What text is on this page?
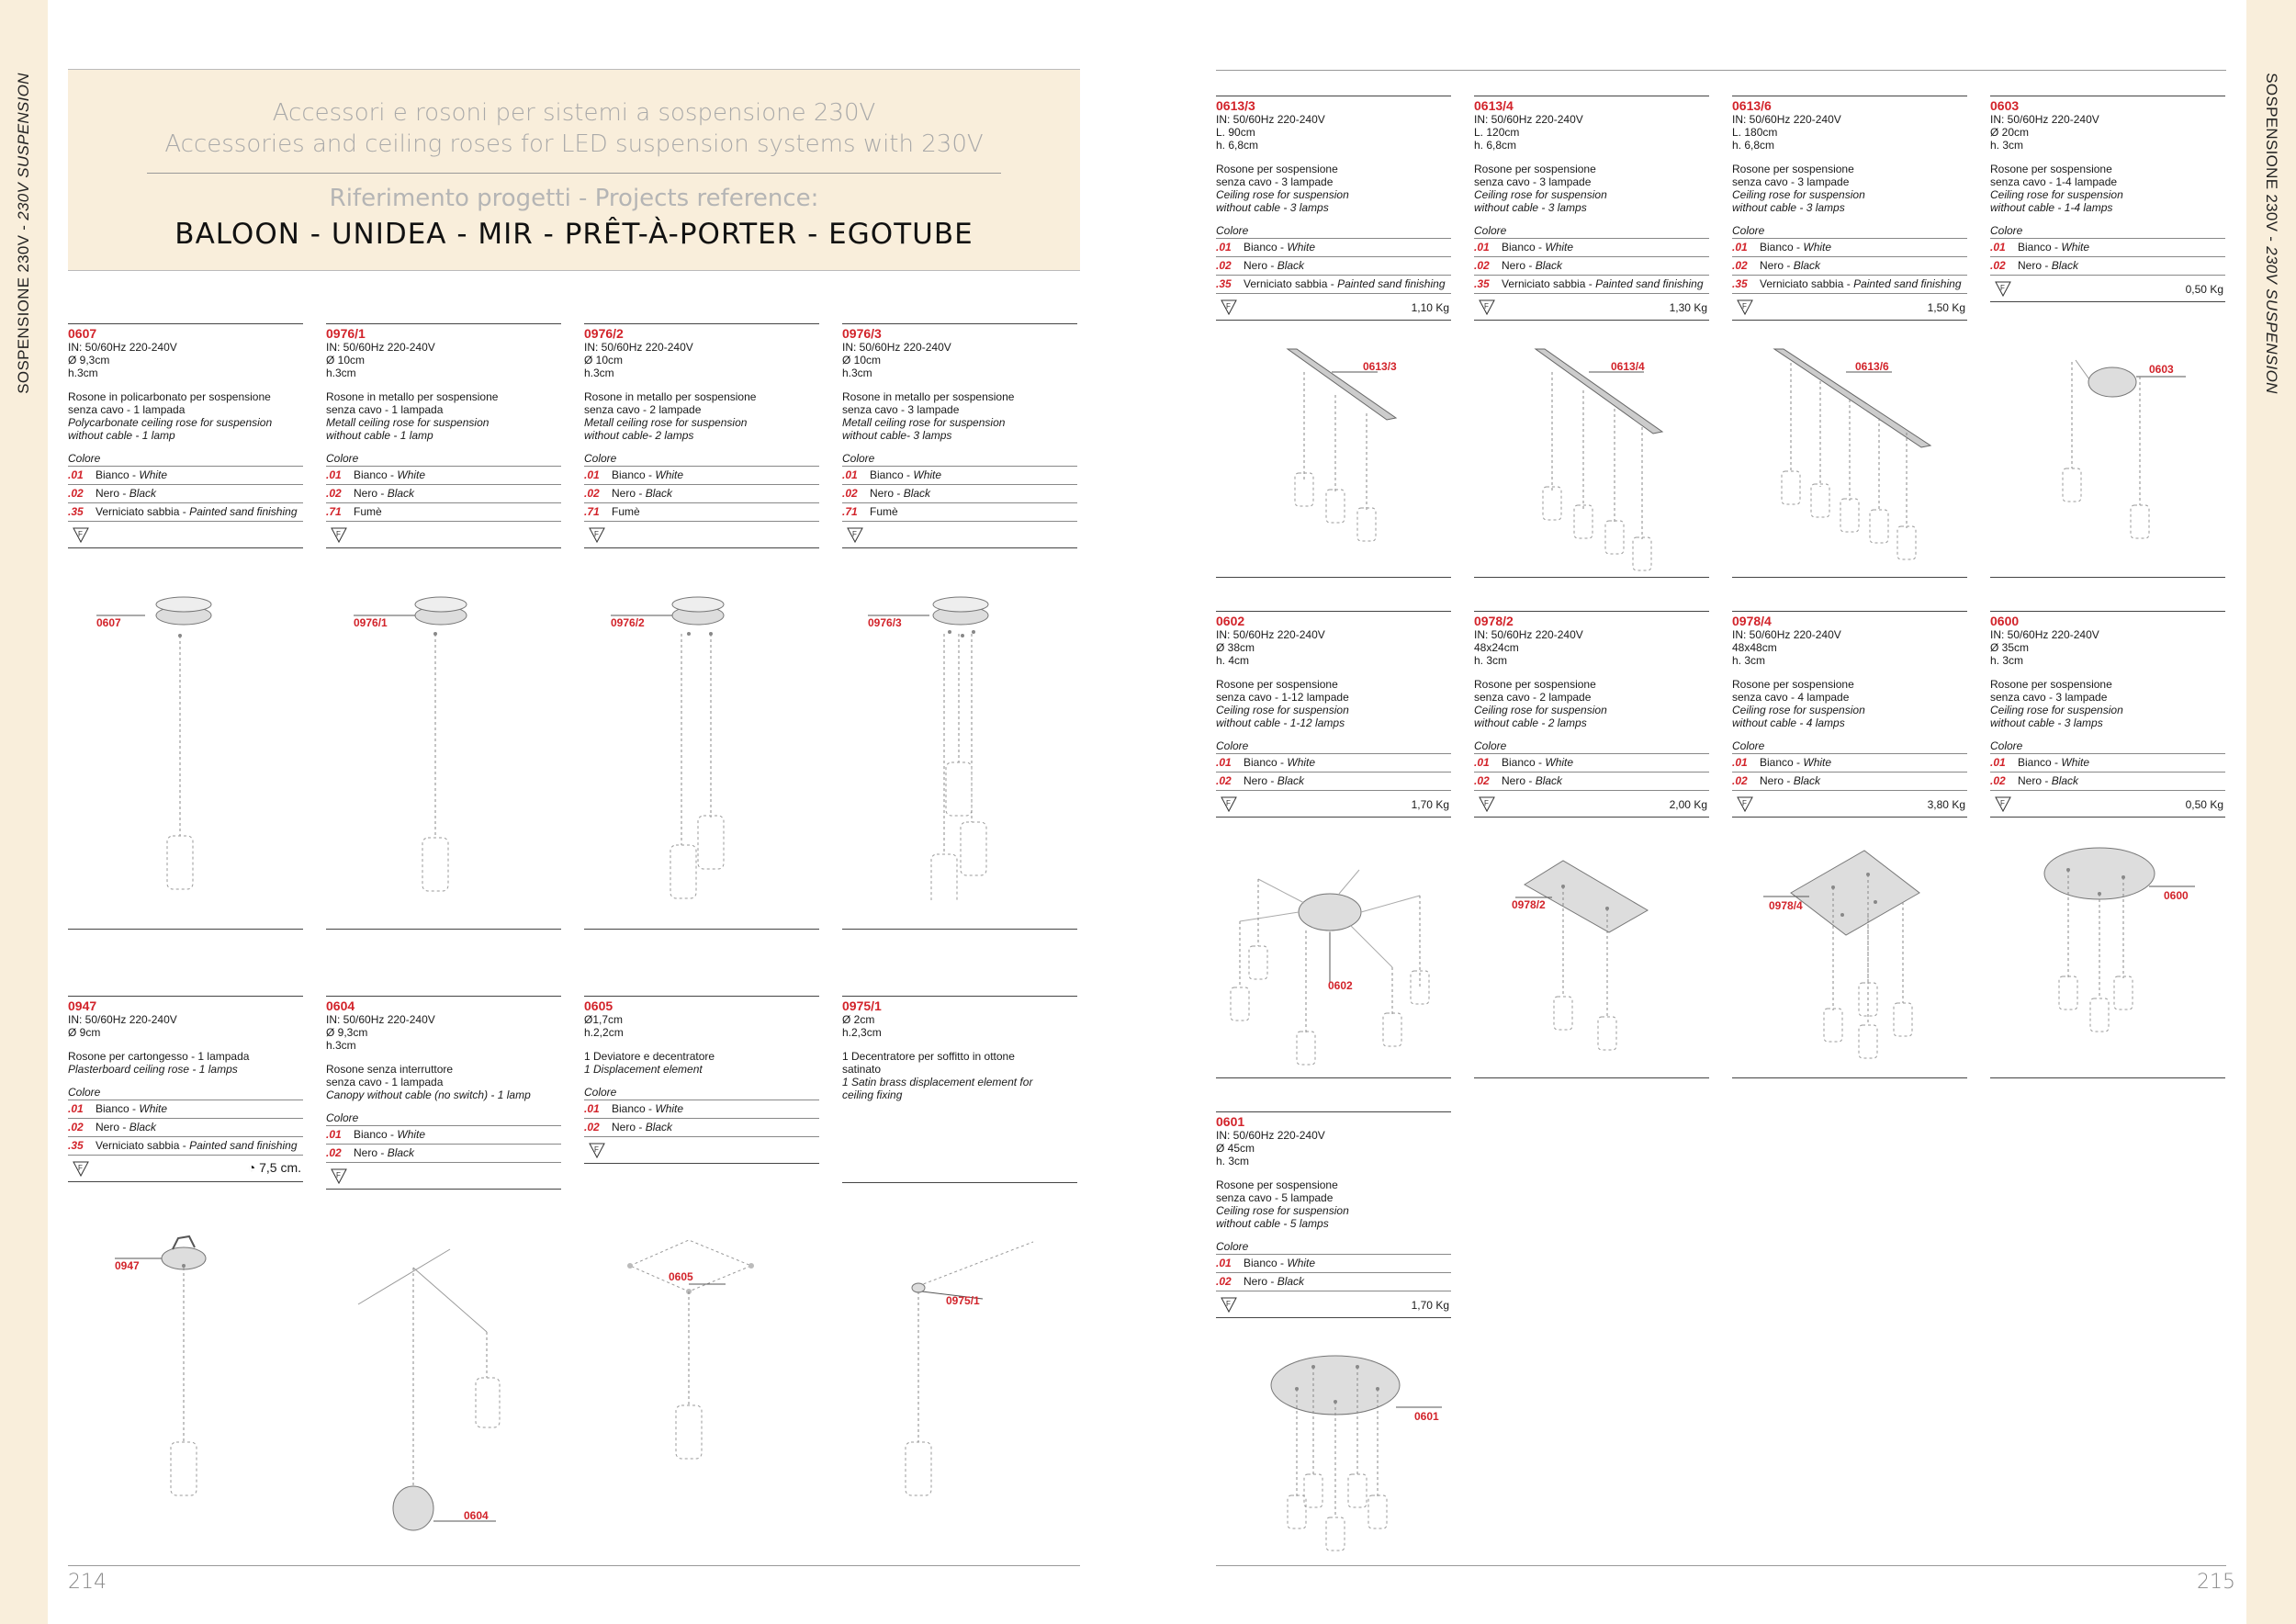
SOSPENSIONE 230V - 230V SUSPENSION	SOSPENSIONE 230V - 230V SUSPENSION
Accessori e rosoni per sistemi a sospensione 230V
Accessories and ceiling roses for LED suspension systems with 230V
Riferimento progetti - Projects reference:
BALOON - UNIDEA - MIR - PRÊT-À-PORTER - EGOTUBE
0607
IN: 50/60Hz 220-240V
Ø 9,3cm
h.3cm
Rosone in policarbonato per sospensione
senza cavo - 1 lampada
Polycarbonate ceiling rose for suspension
without cable - 1 lamp
Colore
.01 Bianco - White
.02 Nero - Black
.35 Verniciato sabbia - Painted sand finishing
F
0976/1
IN: 50/60Hz 220-240V
Ø 10cm
h.3cm
Rosone in metallo per sospensione
senza cavo - 1 lampada
Metall ceiling rose for suspension
without cable - 1 lamp
Colore
.01 Bianco - White
.02 Nero - Black
.71 Fumè
F
0976/2
IN: 50/60Hz 220-240V
Ø 10cm
h.3cm
Rosone in metallo per sospensione
senza cavo - 2 lampade
Metall ceiling rose for suspension
without cable- 2 lamps
Colore
.01 Bianco - White
.02 Nero - Black
.71 Fumè
F
0976/3
IN: 50/60Hz 220-240V
Ø 10cm
h.3cm
Rosone in metallo per sospensione
senza cavo - 3 lampade
Metall ceiling rose for suspension
without cable- 3 lamps
Colore
.01 Bianco - White
.02 Nero - Black
.71 Fumè
F
0947
IN: 50/60Hz 220-240V
Ø 9cm
Rosone per cartongesso - 1 lampada
Plasterboard ceiling rose - 1 lamps
Colore
.01 Bianco - White
.02 Nero - Black
.35 Verniciato sabbia - Painted sand finishing
F	◔ 7,5 cm.
0604
IN: 50/60Hz 220-240V
Ø 9,3cm
h.3cm
Rosone senza interruttore
senza cavo - 1 lampada
Canopy without cable (no switch) - 1 lamp
Colore
.01 Bianco - White
.02 Nero - Black
F
0605
Ø1,7cm
h.2,2cm
1 Deviatore e decentratore
1 Displacement element
Colore
.01 Bianco - White
.02 Nero - Black
F
0975/1
Ø 2cm
h.2,3cm
1 Decentratore per soffitto in ottone
satinato
1 Satin brass displacement element for
ceiling fixing
0613/3
IN: 50/60Hz 220-240V
L. 90cm
h. 6,8cm
Rosone per sospensione
senza cavo - 3 lampade
Ceiling rose for suspension
without cable - 3 lamps
Colore
.01 Bianco - White
.02 Nero - Black
.35 Verniciato sabbia - Painted sand finishing
F	1,10 Kg
0613/4
IN: 50/60Hz 220-240V
L. 120cm
h. 6,8cm
Rosone per sospensione
senza cavo - 3 lampade
Ceiling rose for suspension
without cable - 3 lamps
Colore
.01 Bianco - White
.02 Nero - Black
.35 Verniciato sabbia - Painted sand finishing
F	1,30 Kg
0613/6
IN: 50/60Hz 220-240V
L. 180cm
h. 6,8cm
Rosone per sospensione
senza cavo - 3 lampade
Ceiling rose for suspension
without cable - 3 lamps
Colore
.01 Bianco - White
.02 Nero - Black
.35 Verniciato sabbia - Painted sand finishing
F	1,50 Kg
0603
IN: 50/60Hz 220-240V
Ø 20cm
h. 3cm
Rosone per sospensione
senza cavo - 1-4 lampade
Ceiling rose for suspension
without cable - 1-4 lamps
Colore
.01 Bianco - White
.02 Nero - Black
F	0,50 Kg
0602
IN: 50/60Hz 220-240V
Ø 38cm
h. 4cm
Rosone per sospensione
senza cavo - 1-12 lampade
Ceiling rose for suspension
without cable - 1-12 lamps
Colore
.01 Bianco - White
.02 Nero - Black
F	1,70 Kg
0978/2
IN: 50/60Hz 220-240V
48x24cm
h. 3cm
Rosone per sospensione
senza cavo - 2 lampade
Ceiling rose for suspension
without cable - 2 lamps
Colore
.01 Bianco - White
.02 Nero - Black
F	2,00 Kg
0978/4
IN: 50/60Hz 220-240V
48x48cm
h. 3cm
Rosone per sospensione
senza cavo - 4 lampade
Ceiling rose for suspension
without cable - 4 lamps
Colore
.01 Bianco - White
.02 Nero - Black
F	3,80 Kg
0600
IN: 50/60Hz 220-240V
Ø 35cm
h. 3cm
Rosone per sospensione
senza cavo - 3 lampade
Ceiling rose for suspension
without cable - 3 lamps
Colore
.01 Bianco - White
.02 Nero - Black
F	0,50 Kg
0601
IN: 50/60Hz 220-240V
Ø 45cm
h. 3cm
Rosone per sospensione
senza cavo - 5 lampade
Ceiling rose for suspension
without cable - 5 lamps
Colore
.01 Bianco - White
.02 Nero - Black
F	1,70 Kg
0607	0976/1	0976/2	0976/3
0947
0604
0605
0975/1
0613/3	0613/4	0613/6	0603
0602
0978/2	0978/4
0600
0601
214	215
